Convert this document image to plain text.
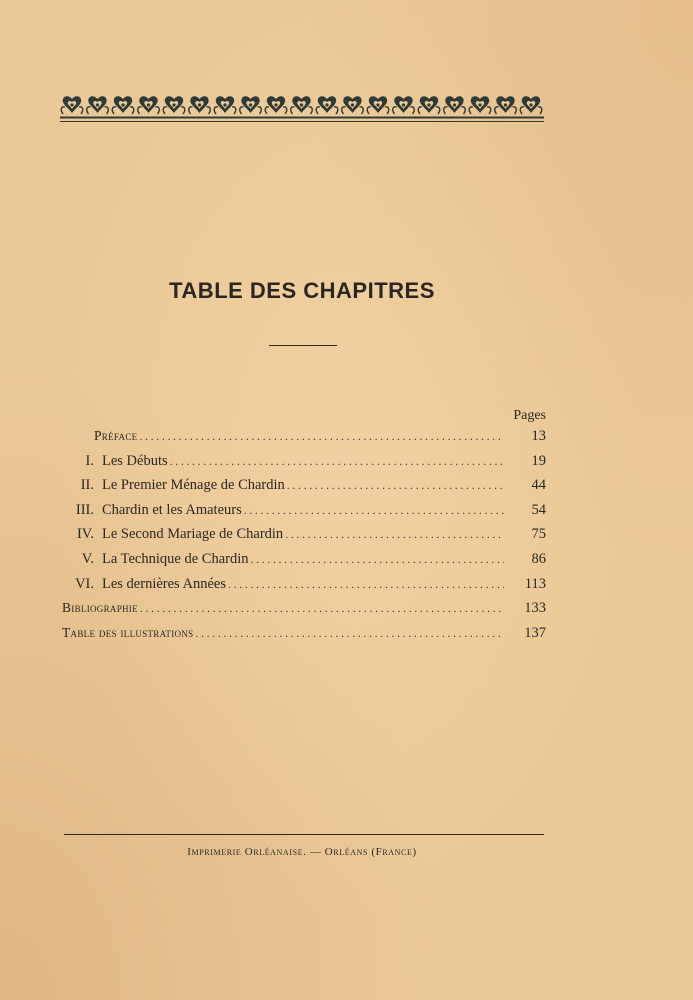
TABLE DES CHAPITRES
Pages
Préface .....	13
I. Les Débuts .....	19
II. Le Premier Ménage de Chardin .....	44
III. Chardin et les Amateurs .....	54
IV. Le Second Mariage de Chardin .....	75
V. La Technique de Chardin .....	86
VI. Les dernières Années .....	113
Bibliographie .....	133
Table des illustrations .....	137
Imprimerie Orléanaise. — Orléans (France)
